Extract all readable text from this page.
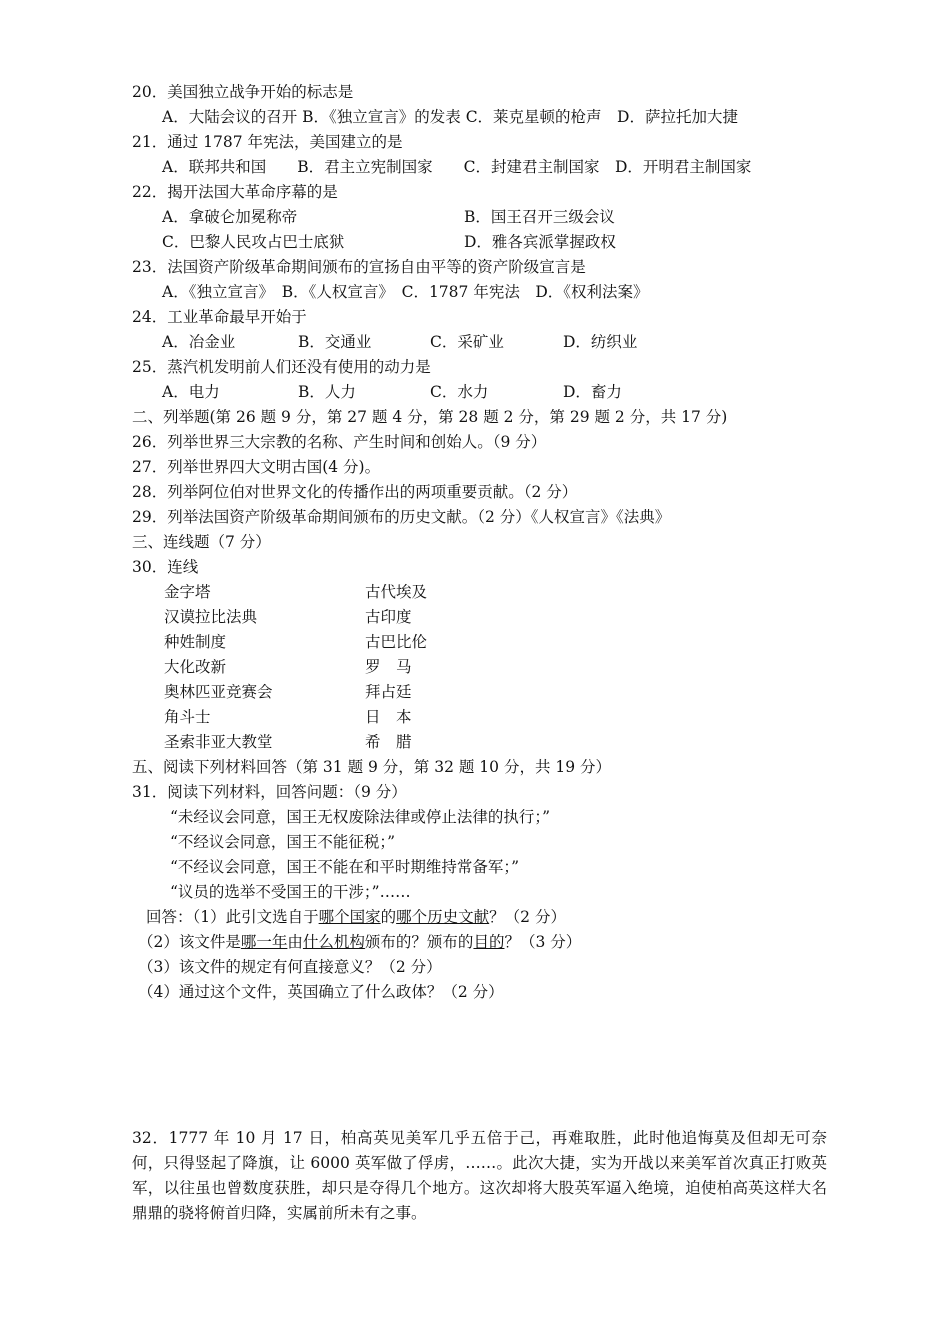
20．美国独立战争开始的标志是
A．大陆会议的召开 B．《独立宣言》的发表 C．莱克星顿的枪声　D．萨拉托加大捷
21．通过 1787 年宪法，美国建立的是
A．联邦共和国　　B．君主立宪制国家　　C．封建君主制国家　D．开明君主制国家
22．揭开法国大革命序幕的是
A．拿破仑加冕称帝	B．国王召开三级会议
C．巴黎人民攻占巴士底狱	D．雅各宾派掌握政权
23．法国资产阶级革命期间颁布的宣扬自由平等的资产阶级宣言是
A．《独立宣言》　B．《人权宣言》　C．1787 年宪法　D．《权利法案》
24．工业革命最早开始于
A．冶金业	B．交通业	C．采矿业	D．纺织业
25．蒸汽机发明前人们还没有使用的动力是
A．电力	B．人力	C．水力	D．畜力
二、列举题(第 26 题 9 分，第 27 题 4 分，第 28 题 2 分，第 29 题 2 分，共 17 分)
26．列举世界三大宗教的名称、产生时间和创始人。（9 分）
27．列举世界四大文明古国(4 分)。
28．列举阿位伯对世界文化的传播作出的两项重要贡献。（2 分）
29．列举法国资产阶级革命期间颁布的历史文献。（2 分）《人权宣言》《法典》
三、连线题（7 分）
30．连线
金字塔	古代埃及
汉谟拉比法典	古印度
种姓制度	古巴比伦
大化改新	罗　马
奥林匹亚竞赛会	拜占廷
角斗士	日　本
圣索非亚大教堂	希　腊
五、阅读下列材料回答（第 31 题 9 分，第 32 题 10 分，共 19 分）
31．阅读下列材料，回答问题：（9 分）
“未经议会同意，国王无权废除法律或停止法律的执行；”
“不经议会同意，国王不能征税；”
“不经议会同意，国王不能在和平时期维持常备军；”
“议员的选举不受国王的干涉；”……
回答：（1）此引文选自于哪个国家的哪个历史文献？（2 分）
（2）该文件是哪一年由什么机构颁布的？颁布的目的？（3 分）
（3）该文件的规定有何直接意义？（2 分）
（4）通过这个文件，英国确立了什么政体？（2 分）
32．1777 年 10 月 17 日，柏高英见美军几乎五倍于己，再难取胜，此时他追悔莫及但却无可奈何，只得竖起了降旗，让 6000 英军做了俘虏，……。此次大捷，实为开战以来美军首次真正打败英军，以往虽也曾数度获胜，却只是夺得几个地方。这次却将大股英军逼入绝境，迫使柏高英这样大名鼎鼎的骁将俯首归降，实属前所未有之事。
